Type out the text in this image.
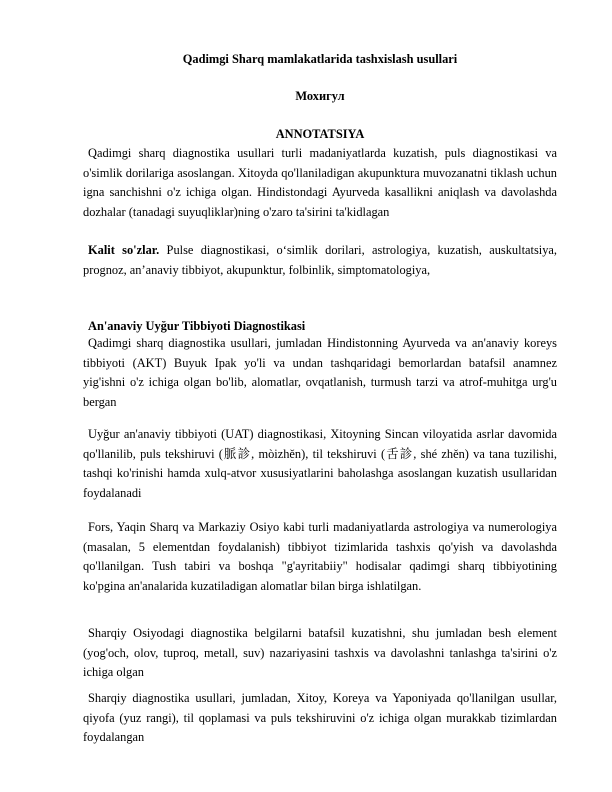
Qadimgi Sharq mamlakatlarida tashxislash usullari
Мохигул
ANNOTATSIYA
Qadimgi sharq diagnostika usullari turli madaniyatlarda kuzatish, puls diagnostikasi va o'simlik dorilariga asoslangan. Xitoyda qo'llaniladigan akupunktura muvozanatni tiklash uchun igna sanchishni o'z ichiga olgan. Hindistondagi Ayurveda kasallikni aniqlash va davolashda dozhalar (tanadagi suyuqliklar)ning o'zaro ta'sirini ta'kidlagan
Kalit so'zlar. Pulse diagnostikasi, oʻsimlik dorilari, astrologiya, kuzatish, auskultatsiya, prognoz, anʼanaviy tibbiyot, akupunktur, folbinlik, simptomatologiya,
An'anaviy Uyğur Tibbiyoti Diagnostikasi
Qadimgi sharq diagnostika usullari, jumladan Hindistonning Ayurveda va an'anaviy koreys tibbiyoti (AKT) Buyuk Ipak yo'li va undan tashqaridagi bemorlardan batafsil anamnez yig'ishni o'z ichiga olgan bo'lib, alomatlar, ovqatlanish, turmush tarzi va atrof-muhitga urg'u bergan
Uyğur an'anaviy tibbiyoti (UAT) diagnostikasi, Xitoyning Sincan viloyatida asrlar davomida qo'llanilib, puls tekshiruvi (脈診, mòizhěn), til tekshiruvi (舌診, shé zhěn) va tana tuzilishi, tashqi ko'rinishi hamda xulq-atvor xususiyatlarini baholashga asoslangan kuzatish usullaridan foydalanadi
Fors, Yaqin Sharq va Markaziy Osiyo kabi turli madaniyatlarda astrologiya va numerologiya (masalan, 5 elementdan foydalanish) tibbiyot tizimlarida tashxis qo'yish va davolashda qo'llanilgan. Tush tabiri va boshqa "g'ayritabiiy" hodisalar qadimgi sharq tibbiyotining ko'pgina an'analarida kuzatiladigan alomatlar bilan birga ishlatilgan.
Sharqiy Osiyodagi diagnostika belgilarni batafsil kuzatishni, shu jumladan besh element (yog'och, olov, tuproq, metall, suv) nazariyasini tashxis va davolashni tanlashga ta'sirini o'z ichiga olgan
Sharqiy diagnostika usullari, jumladan, Xitoy, Koreya va Yaponiyada qo'llanilgan usullar, qiyofa (yuz rangi), til qoplamasi va puls tekshiruvini o'z ichiga olgan murakkab tizimlardan foydalangan
